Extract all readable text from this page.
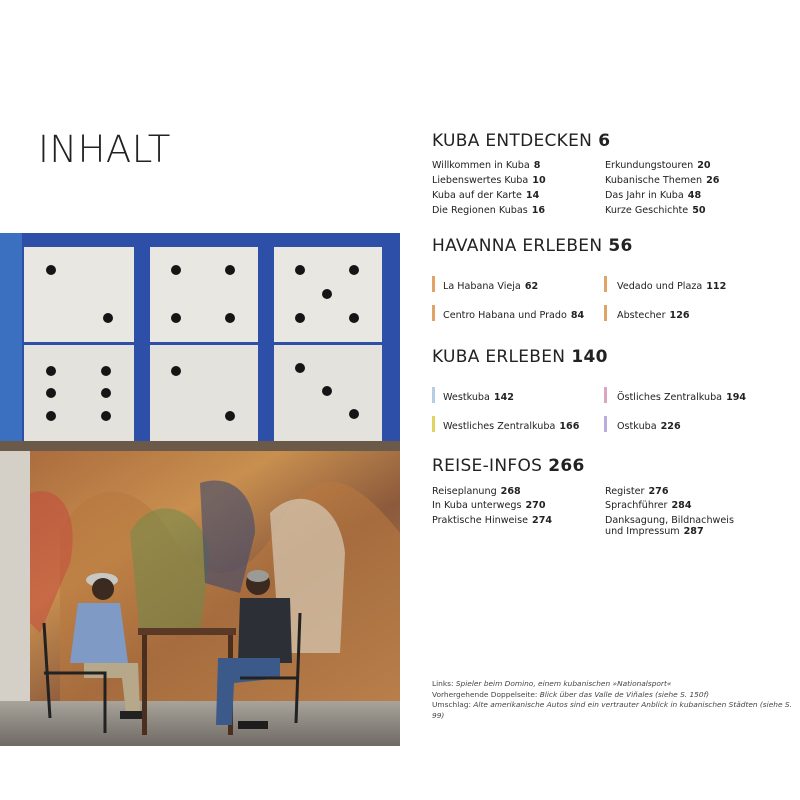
INHALT	KUBA ENTDECKEN 6
Willkommen in Kuba 8
Liebenswertes Kuba 10
Kuba auf der Karte 14
Die Regionen Kubas 16
Erkundungstouren 20
Kubanische Themen 26
Das Jahr in Kuba 48
Kurze Geschichte 50
HAVANNA ERLEBEN 56
La Habana Vieja 62	Vedado und Plaza 112
Centro Habana und Prado 84	Abstecher 126
KUBA ERLEBEN 140
Westkuba 142	Östliches Zentralkuba 194
Westliches Zentralkuba 166	Ostkuba 226
REISE-INFOS 266
Reiseplanung 268
In Kuba unterwegs 270
Praktische Hinweise 274
Register 276
Sprachführer 284
Danksagung, Bildnachweis
und Impressum 287
Links: Spieler beim Domino, einem kubanischen »Nationalsport«
Vorhergehende Doppelseite: Blick über das Valle de Viñales (siehe S. 150f)
Umschlag: Alte amerikanische Autos sind ein vertrauter Anblick in kubanischen Städten (siehe S. 99)
